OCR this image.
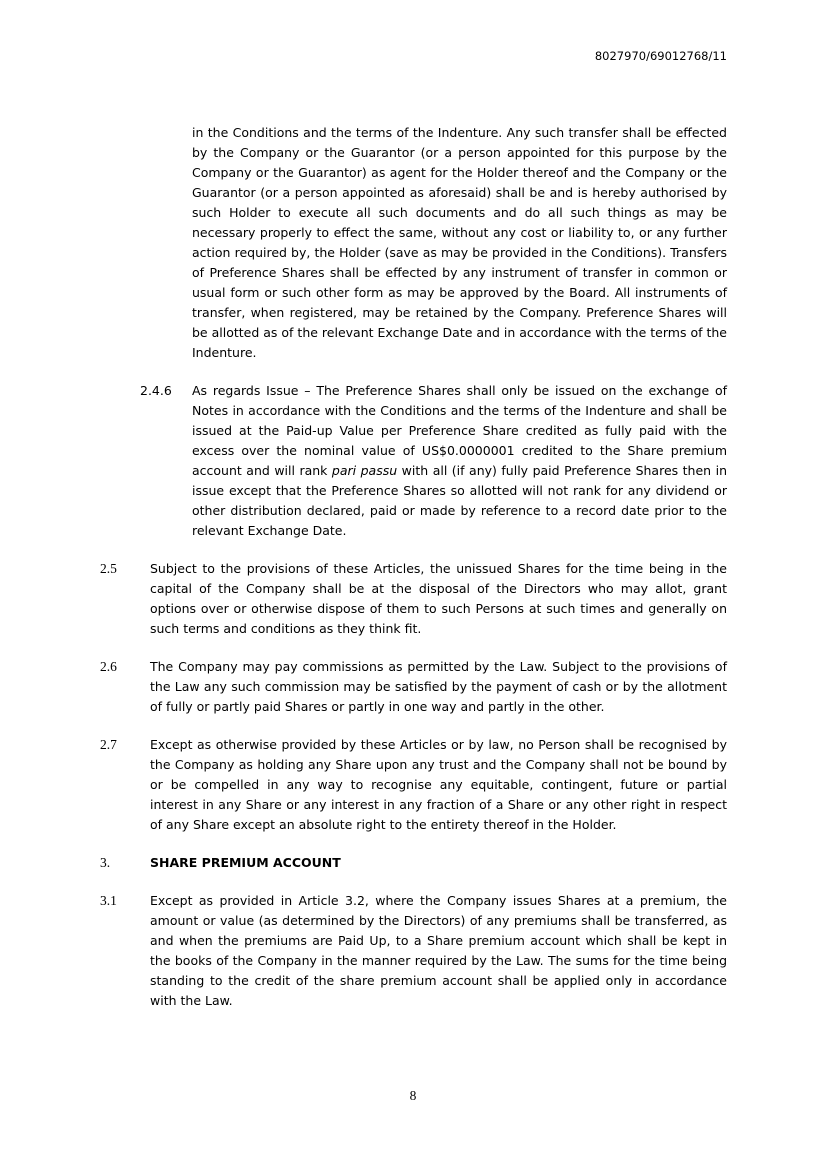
8027970/69012768/11
in the Conditions and the terms of the Indenture. Any such transfer shall be effected by the Company or the Guarantor (or a person appointed for this purpose by the Company or the Guarantor) as agent for the Holder thereof and the Company or the Guarantor (or a person appointed as aforesaid) shall be and is hereby authorised by such Holder to execute all such documents and do all such things as may be necessary properly to effect the same, without any cost or liability to, or any further action required by, the Holder (save as may be provided in the Conditions). Transfers of Preference Shares shall be effected by any instrument of transfer in common or usual form or such other form as may be approved by the Board. All instruments of transfer, when registered, may be retained by the Company. Preference Shares will be allotted as of the relevant Exchange Date and in accordance with the terms of the Indenture.
2.4.6	As regards Issue – The Preference Shares shall only be issued on the exchange of Notes in accordance with the Conditions and the terms of the Indenture and shall be issued at the Paid-up Value per Preference Share credited as fully paid with the excess over the nominal value of US$0.0000001 credited to the Share premium account and will rank pari passu with all (if any) fully paid Preference Shares then in issue except that the Preference Shares so allotted will not rank for any dividend or other distribution declared, paid or made by reference to a record date prior to the relevant Exchange Date.
2.5	Subject to the provisions of these Articles, the unissued Shares for the time being in the capital of the Company shall be at the disposal of the Directors who may allot, grant options over or otherwise dispose of them to such Persons at such times and generally on such terms and conditions as they think fit.
2.6	The Company may pay commissions as permitted by the Law. Subject to the provisions of the Law any such commission may be satisfied by the payment of cash or by the allotment of fully or partly paid Shares or partly in one way and partly in the other.
2.7	Except as otherwise provided by these Articles or by law, no Person shall be recognised by the Company as holding any Share upon any trust and the Company shall not be bound by or be compelled in any way to recognise any equitable, contingent, future or partial interest in any Share or any interest in any fraction of a Share or any other right in respect of any Share except an absolute right to the entirety thereof in the Holder.
3.	SHARE PREMIUM ACCOUNT
3.1	Except as provided in Article 3.2, where the Company issues Shares at a premium, the amount or value (as determined by the Directors) of any premiums shall be transferred, as and when the premiums are Paid Up, to a Share premium account which shall be kept in the books of the Company in the manner required by the Law. The sums for the time being standing to the credit of the share premium account shall be applied only in accordance with the Law.
8
